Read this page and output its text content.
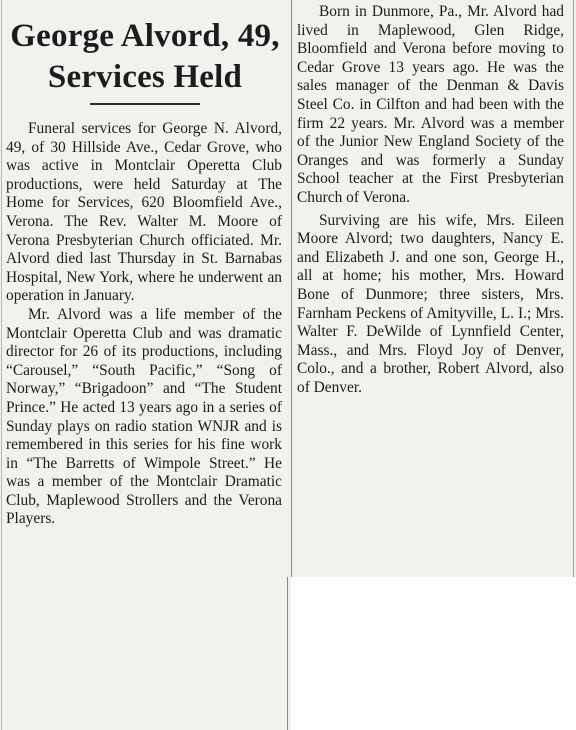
George Alvord, 49, Services Held

Funeral services for George N. Alvord, 49, of 30 Hillside Ave., Cedar Grove, who was active in Montclair Operetta Club productions, were held Saturday at The Home for Services, 620 Bloomfield Ave., Verona. The Rev. Walter M. Moore of Verona Presbyterian Church officiated. Mr. Alvord died last Thursday in St. Barnabas Hospital, New York, where he underwent an operation in January.

Mr. Alvord was a life member of the Montclair Operetta Club and was dramatic director for 26 of its productions, including “Carousel,” “South Pacific,” “Song of Norway,” “Brigadoon” and “The Student Prince.” He acted 13 years ago in a series of Sunday plays on radio station WNJR and is remembered in this series for his fine work in “The Barretts of Wimpole Street.” He was a member of the Montclair Dramatic Club, Maplewood Strollers and the Verona Players.

Born in Dunmore, Pa., Mr. Alvord had lived in Maplewood, Glen Ridge, Bloomfield and Verona before moving to Cedar Grove 13 years ago. He was the sales manager of the Denman & Davis Steel Co. in Cilfton and had been with the firm 22 years. Mr. Alvord was a member of the Junior New England Society of the Oranges and was formerly a Sunday School teacher at the First Presbyterian Church of Verona.

Surviving are his wife, Mrs. Eileen Moore Alvord; two daughters, Nancy E. and Elizabeth J. and one son, George H., all at home; his mother, Mrs. Howard Bone of Dunmore; three sisters, Mrs. Farnham Peckens of Amityville, L. I.; Mrs. Walter F. DeWilde of Lynnfield Center, Mass., and Mrs. Floyd Joy of Denver, Colo., and a brother, Robert Alvord, also of Denver.
